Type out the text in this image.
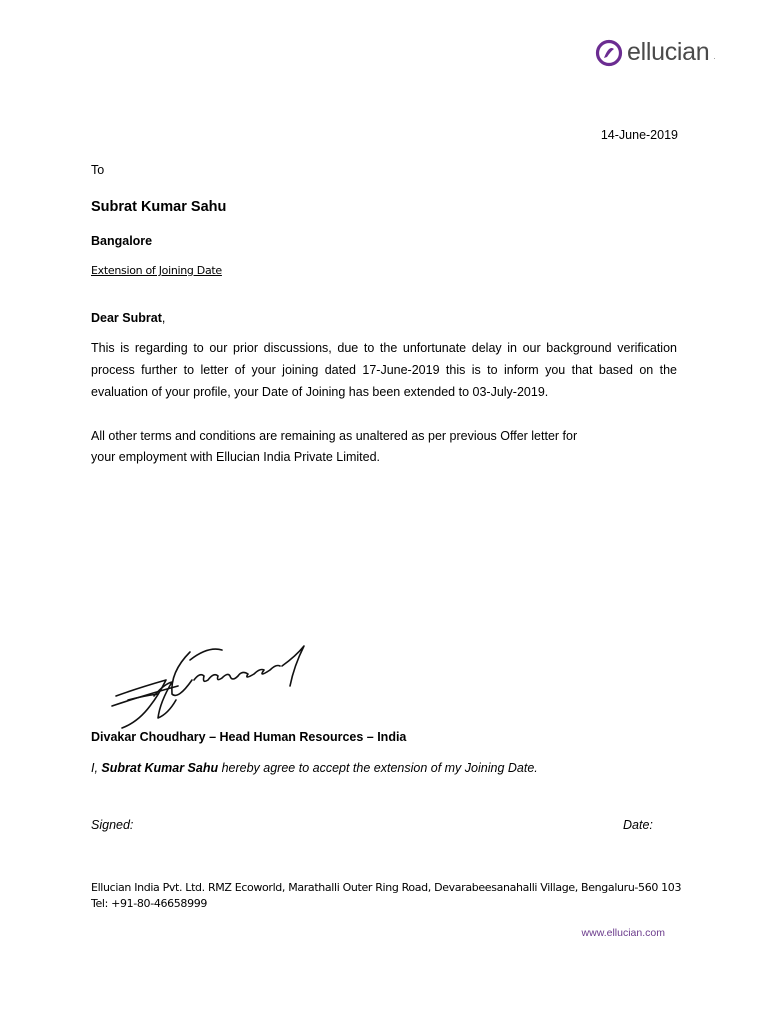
ellucian .
14-June-2019
To
Subrat Kumar Sahu
Bangalore
Extension of Joining Date
Dear Subrat,
This is regarding to our prior discussions, due to the unfortunate delay in our background verification process further to letter of your joining dated 17-June-2019 this is to inform you that based on the evaluation of your profile, your Date of Joining has been extended to 03-July-2019.
All other terms and conditions are remaining as unaltered as per previous Offer letter for
your employment with Ellucian India Private Limited.
Divakar Choudhary – Head Human Resources – India
I, Subrat Kumar Sahu hereby agree to accept the extension of my Joining Date.
Signed:	Date:
Ellucian India Pvt. Ltd. RMZ Ecoworld, Marathalli Outer Ring Road, Devarabeesanahalli Village, Bengaluru-560 103
Tel: +91-80-46658999
www.ellucian.com
